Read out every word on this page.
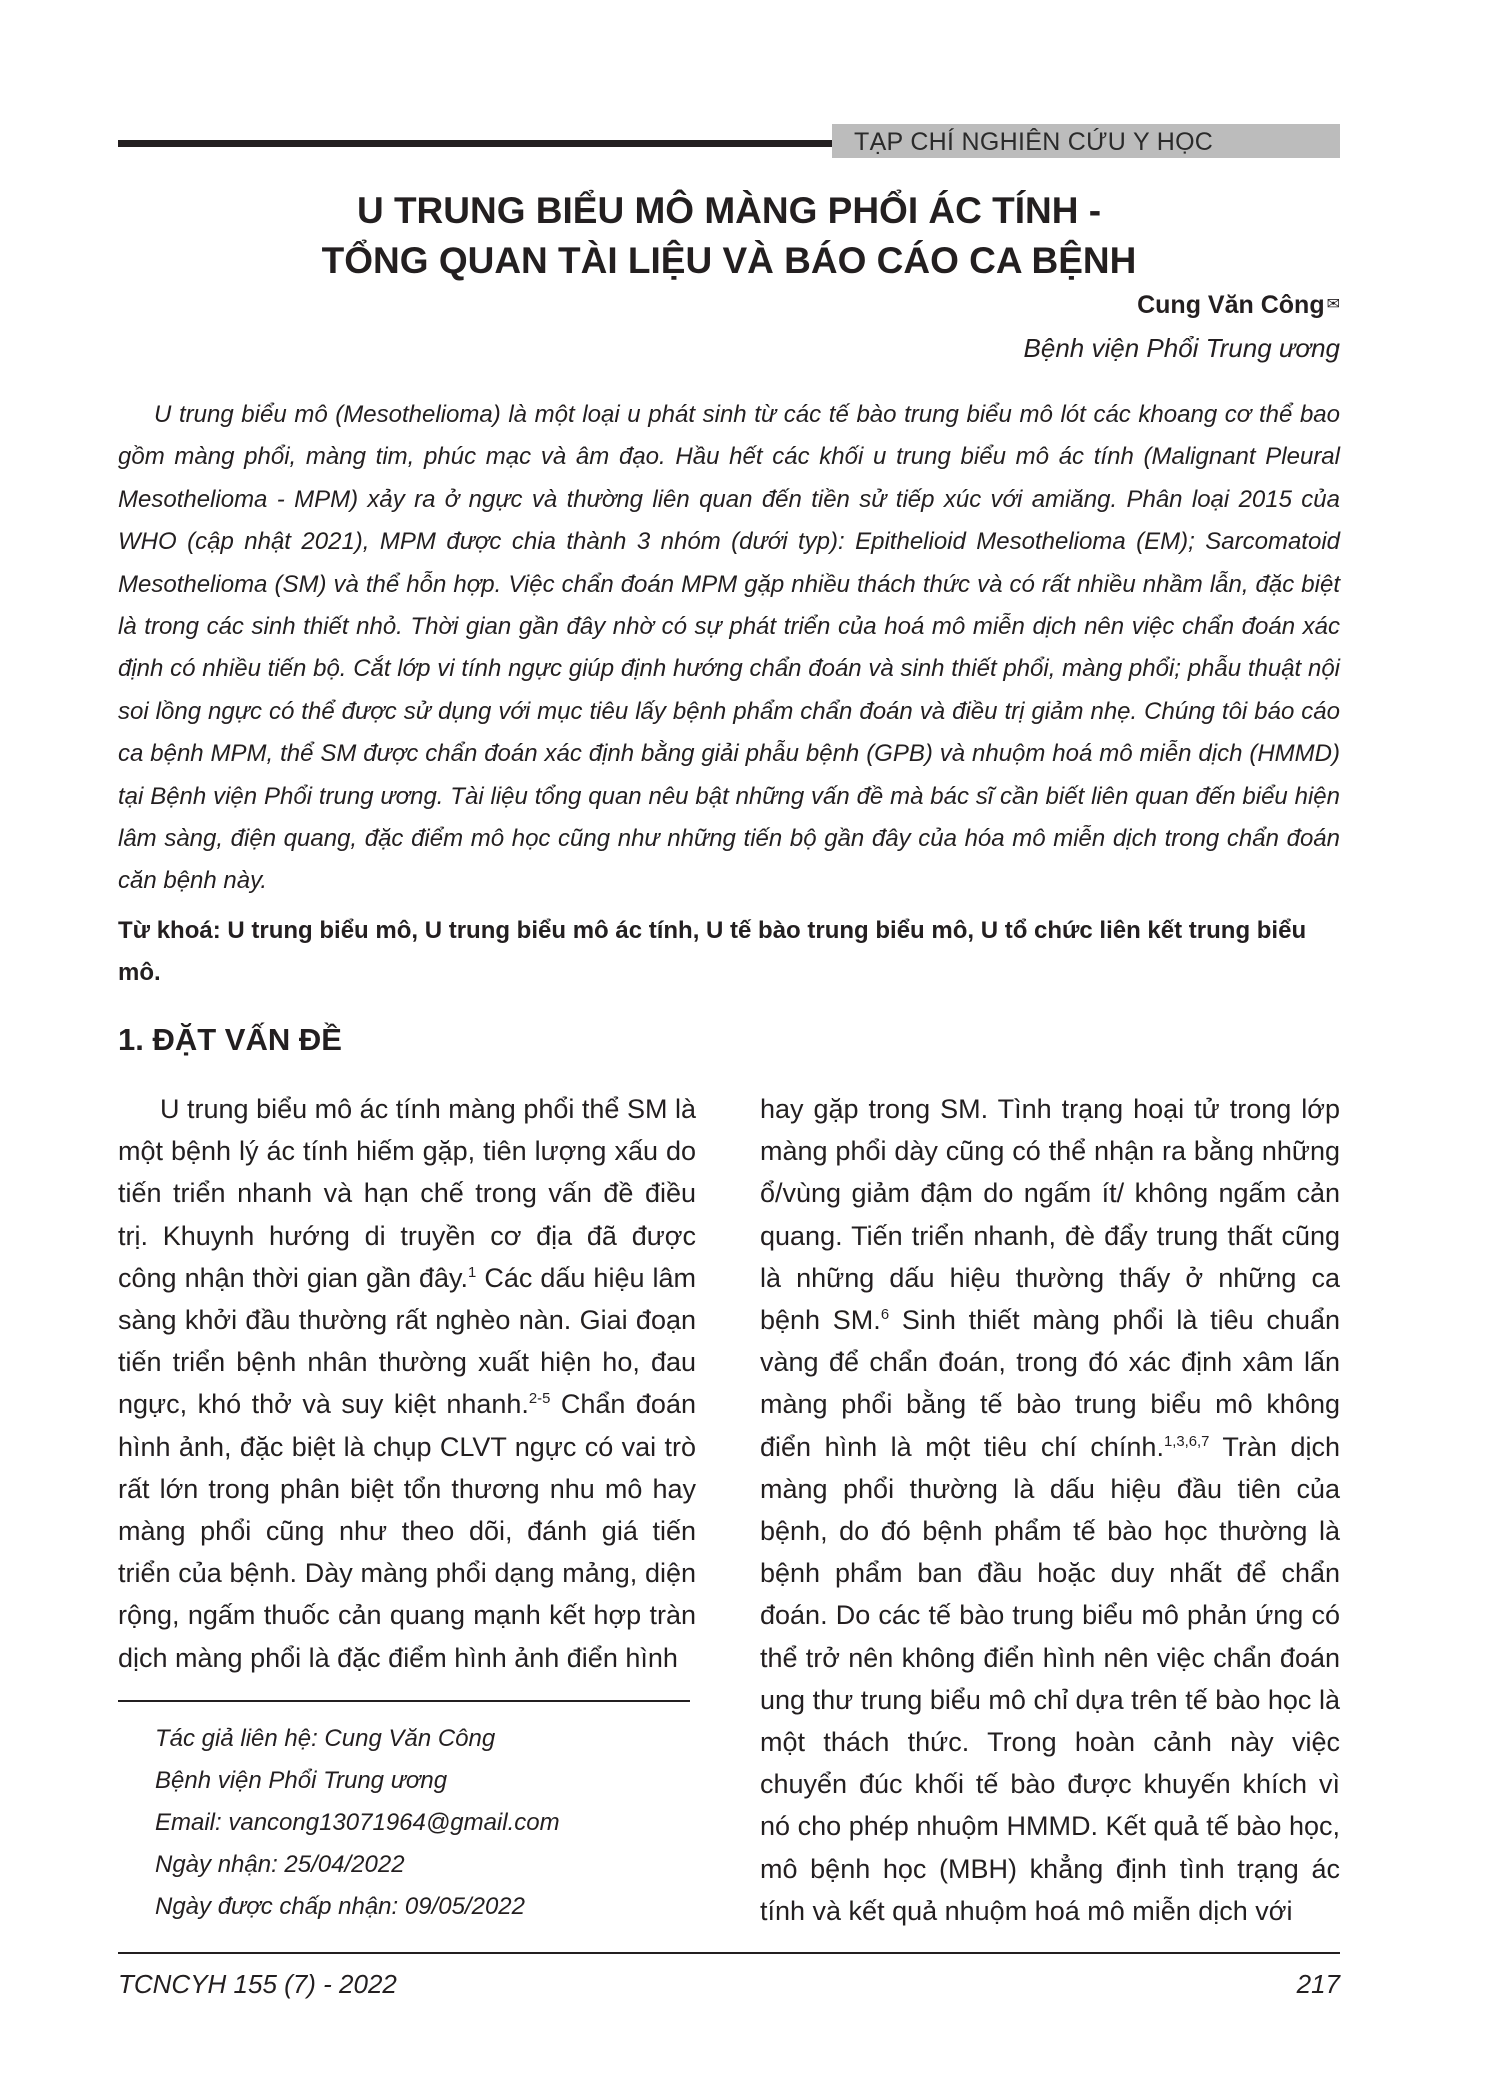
TẠP CHÍ NGHIÊN CỨU Y HỌC
U TRUNG BIỂU MÔ MÀNG PHỔI ÁC TÍNH -
TỔNG QUAN TÀI LIỆU VÀ BÁO CÁO CA BỆNH
Cung Văn Công ✉
Bệnh viện Phổi Trung ương

U trung biểu mô (Mesothelioma) là một loại u phát sinh từ các tế bào trung biểu mô lót các khoang cơ thể bao gồm màng phổi, màng tim, phúc mạc và âm đạo. Hầu hết các khối u trung biểu mô ác tính (Malignant Pleural Mesothelioma - MPM) xảy ra ở ngực và thường liên quan đến tiền sử tiếp xúc với amiăng. Phân loại 2015 của WHO (cập nhật 2021), MPM được chia thành 3 nhóm (dưới typ): Epithelioid Mesothelioma (EM); Sarcomatoid Mesothelioma (SM) và thể hỗn hợp. Việc chẩn đoán MPM gặp nhiều thách thức và có rất nhiều nhầm lẫn, đặc biệt là trong các sinh thiết nhỏ. Thời gian gần đây nhờ có sự phát triển của hoá mô miễn dịch nên việc chẩn đoán xác định có nhiều tiến bộ. Cắt lớp vi tính ngực giúp định hướng chẩn đoán và sinh thiết phổi, màng phổi; phẫu thuật nội soi lồng ngực có thể được sử dụng với mục tiêu lấy bệnh phẩm chẩn đoán và điều trị giảm nhẹ. Chúng tôi báo cáo ca bệnh MPM, thể SM được chẩn đoán xác định bằng giải phẫu bệnh (GPB) và nhuộm hoá mô miễn dịch (HMMD) tại Bệnh viện Phổi trung ương. Tài liệu tổng quan nêu bật những vấn đề mà bác sĩ cần biết liên quan đến biểu hiện lâm sàng, điện quang, đặc điểm mô học cũng như những tiến bộ gần đây của hóa mô miễn dịch trong chẩn đoán căn bệnh này.

Từ khoá: U trung biểu mô, U trung biểu mô ác tính, U tế bào trung biểu mô, U tổ chức liên kết trung biểu mô.

1. ĐẶT VẤN ĐỀ

U trung biểu mô ác tính màng phổi thể SM là một bệnh lý ác tính hiếm gặp, tiên lượng xấu do tiến triển nhanh và hạn chế trong vấn đề điều trị. Khuynh hướng di truyền cơ địa đã được công nhận thời gian gần đây.$^1$ Các dấu hiệu lâm sàng khởi đầu thường rất nghèo nàn. Giai đoạn tiến triển bệnh nhân thường xuất hiện ho, đau ngực, khó thở và suy kiệt nhanh.$^{2-5}$ Chẩn đoán hình ảnh, đặc biệt là chụp CLVT ngực có vai trò rất lớn trong phân biệt tổn thương nhu mô hay màng phổi cũng như theo dõi, đánh giá tiến triển của bệnh. Dày màng phổi dạng mảng, diện rộng, ngấm thuốc cản quang mạnh kết hợp tràn dịch màng phổi là đặc điểm hình ảnh điển hình

hay gặp trong SM. Tình trạng hoại tử trong lớp màng phổi dày cũng có thể nhận ra bằng những ổ/vùng giảm đậm do ngấm ít/ không ngấm cản quang. Tiến triển nhanh, đè đẩy trung thất cũng là những dấu hiệu thường thấy ở những ca bệnh SM.$^6$ Sinh thiết màng phổi là tiêu chuẩn vàng để chẩn đoán, trong đó xác định xâm lấn màng phổi bằng tế bào trung biểu mô không điển hình là một tiêu chí chính.$^{1,3,6,7}$ Tràn dịch màng phổi thường là dấu hiệu đầu tiên của bệnh, do đó bệnh phẩm tế bào học thường là bệnh phẩm ban đầu hoặc duy nhất để chẩn đoán. Do các tế bào trung biểu mô phản ứng có thể trở nên không điển hình nên việc chẩn đoán ung thư trung biểu mô chỉ dựa trên tế bào học là một thách thức. Trong hoàn cảnh này việc chuyển đúc khối tế bào được khuyến khích vì nó cho phép nhuộm HMMD. Kết quả tế bào học, mô bệnh học (MBH) khẳng định tình trạng ác tính và kết quả nhuộm hoá mô miễn dịch với

Tác giả liên hệ: Cung Văn Công
Bệnh viện Phổi Trung ương
Email: vancong13071964@gmail.com
Ngày nhận: 25/04/2022
Ngày được chấp nhận: 09/05/2022
TCNCYH 155 (7) - 2022	217
